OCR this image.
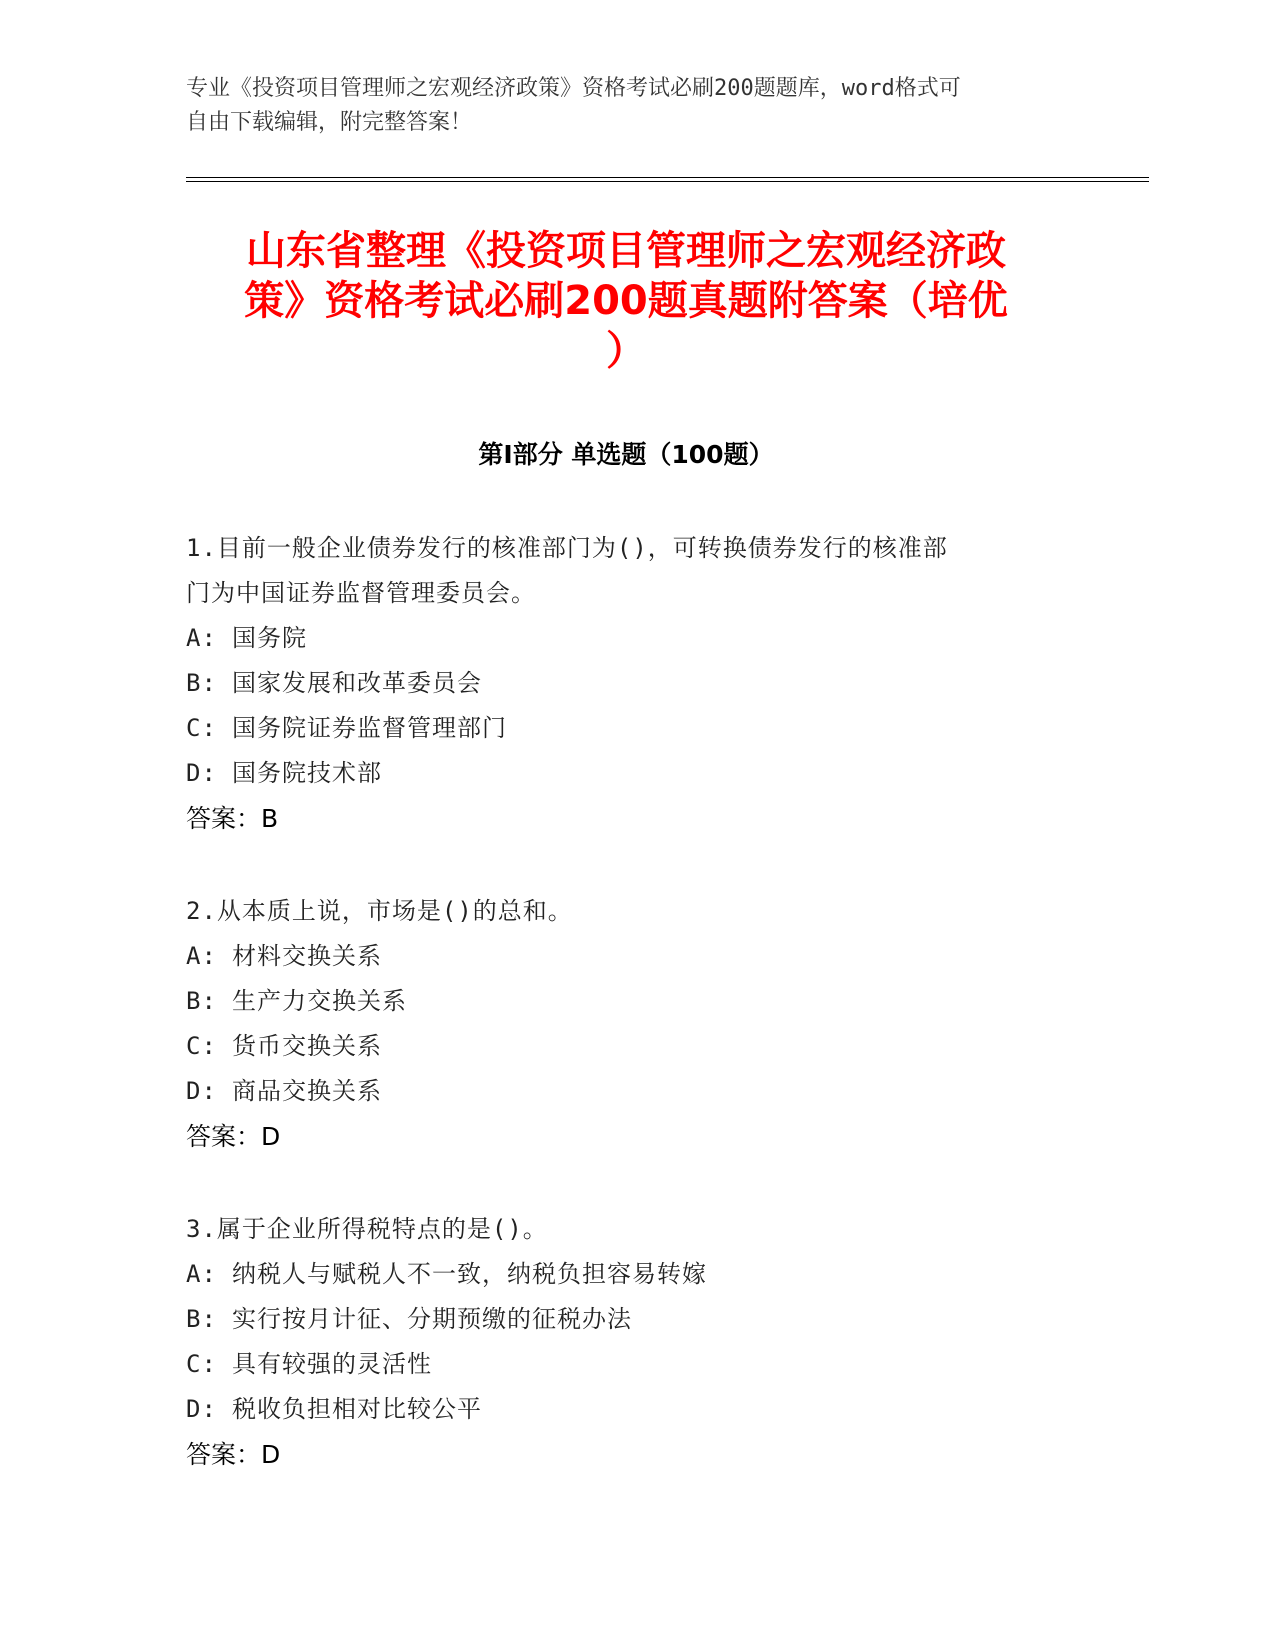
专业《投资项目管理师之宏观经济政策》资格考试必刷200题题库，word格式可

自由下载编辑，附完整答案！

山东省整理《投资项目管理师之宏观经济政
策》资格考试必刷200题真题附答案（培优
）
第Ⅰ部分 单选题（100题）

1.目前一般企业债券发行的核准部门为()，可转换债券发行的核准部

门为中国证券监督管理委员会。

A: 国务院

B: 国家发展和改革委员会

C: 国务院证券监督管理部门

D: 国务院技术部

答案：B

2.从本质上说，市场是()的总和。

A: 材料交换关系

B: 生产力交换关系

C: 货币交换关系

D: 商品交换关系

答案：D

3.属于企业所得税特点的是()。

A: 纳税人与赋税人不一致，纳税负担容易转嫁

B: 实行按月计征、分期预缴的征税办法

C: 具有较强的灵活性

D: 税收负担相对比较公平

答案：D
